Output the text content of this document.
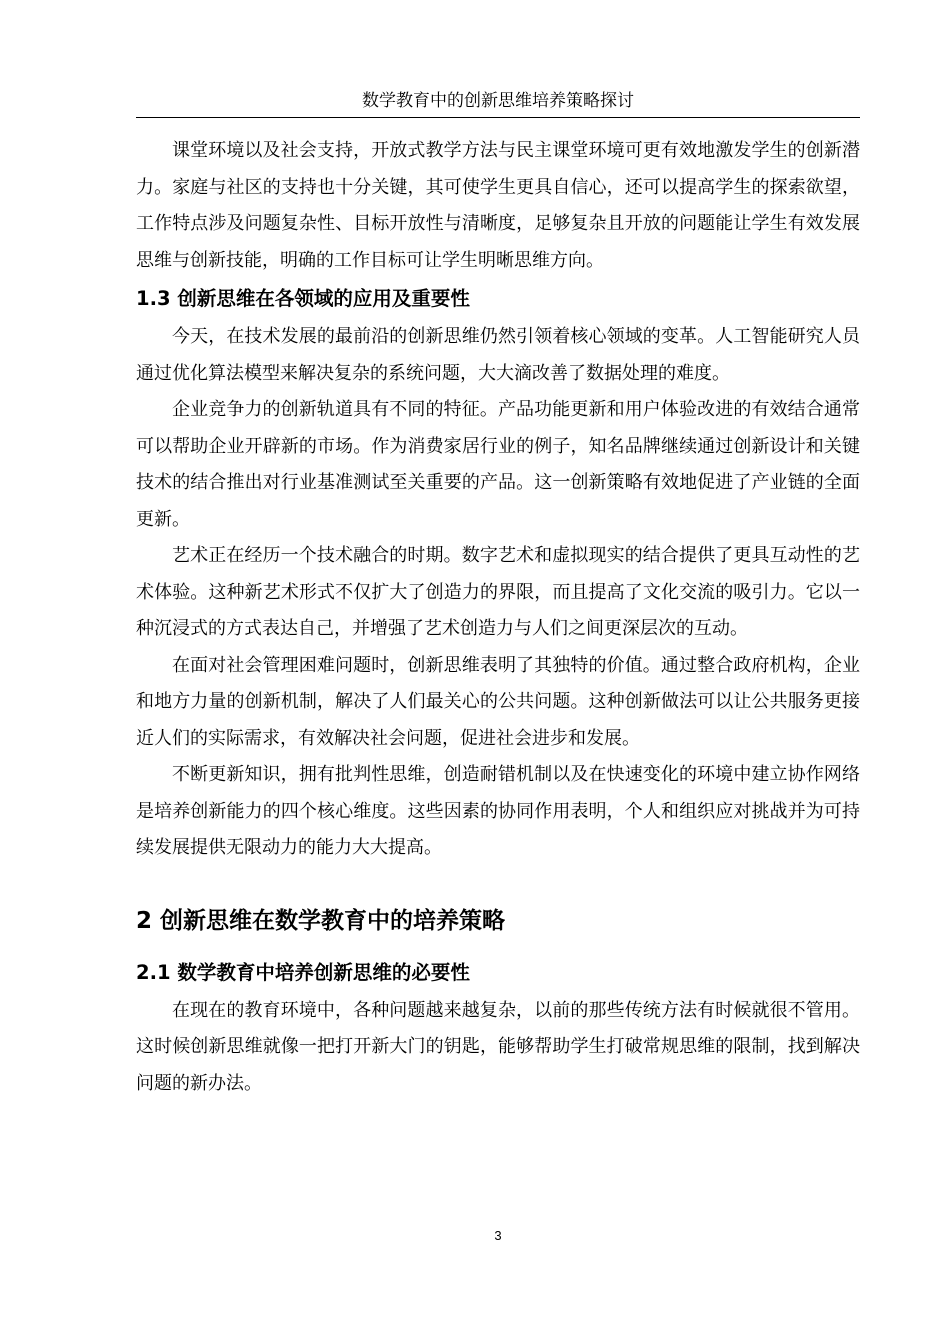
数学教育中的创新思维培养策略探讨

课堂环境以及社会支持，开放式教学方法与民主课堂环境可更有效地激发学生的创新潜力。家庭与社区的支持也十分关键，其可使学生更具自信心，还可以提高学生的探索欲望，工作特点涉及问题复杂性、目标开放性与清晰度，足够复杂且开放的问题能让学生有效发展思维与创新技能，明确的工作目标可让学生明晰思维方向。

1.3 创新思维在各领域的应用及重要性

今天，在技术发展的最前沿的创新思维仍然引领着核心领域的变革。人工智能研究人员通过优化算法模型来解决复杂的系统问题，大大滴改善了数据处理的难度。

企业竞争力的创新轨道具有不同的特征。产品功能更新和用户体验改进的有效结合通常可以帮助企业开辟新的市场。作为消费家居行业的例子，知名品牌继续通过创新设计和关键技术的结合推出对行业基准测试至关重要的产品。这一创新策略有效地促进了产业链的全面更新。

艺术正在经历一个技术融合的时期。数字艺术和虚拟现实的结合提供了更具互动性的艺术体验。这种新艺术形式不仅扩大了创造力的界限，而且提高了文化交流的吸引力。它以一种沉浸式的方式表达自己，并增强了艺术创造力与人们之间更深层次的互动。

在面对社会管理困难问题时，创新思维表明了其独特的价值。通过整合政府机构，企业和地方力量的创新机制，解决了人们最关心的公共问题。这种创新做法可以让公共服务更接近人们的实际需求，有效解决社会问题，促进社会进步和发展。

不断更新知识，拥有批判性思维，创造耐错机制以及在快速变化的环境中建立协作网络是培养创新能力的四个核心维度。这些因素的协同作用表明，个人和组织应对挑战并为可持续发展提供无限动力的能力大大提高。

2 创新思维在数学教育中的培养策略
2.1 数学教育中培养创新思维的必要性

在现在的教育环境中，各种问题越来越复杂，以前的那些传统方法有时候就很不管用。这时候创新思维就像一把打开新大门的钥匙，能够帮助学生打破常规思维的限制，找到解决问题的新办法。

3
